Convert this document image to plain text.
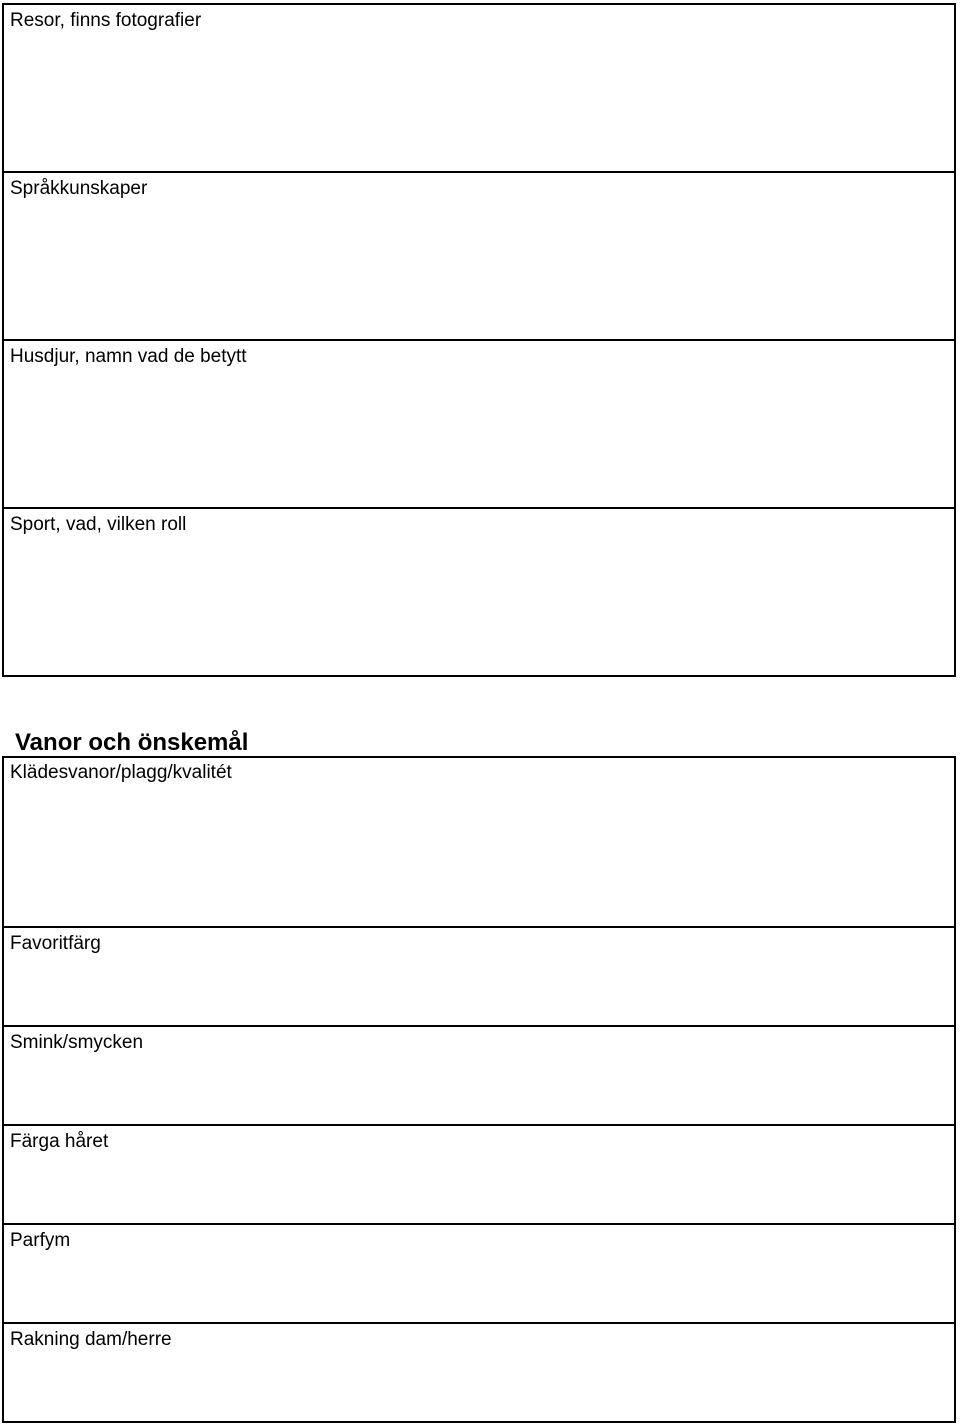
Resor, finns fotografier
Språkkunskaper
Husdjur, namn vad de betytt
Sport, vad, vilken roll
Vanor och önskemål
Klädesvanor/plagg/kvalitét
Favoritfärg
Smink/smycken
Färga håret
Parfym
Rakning dam/herre
